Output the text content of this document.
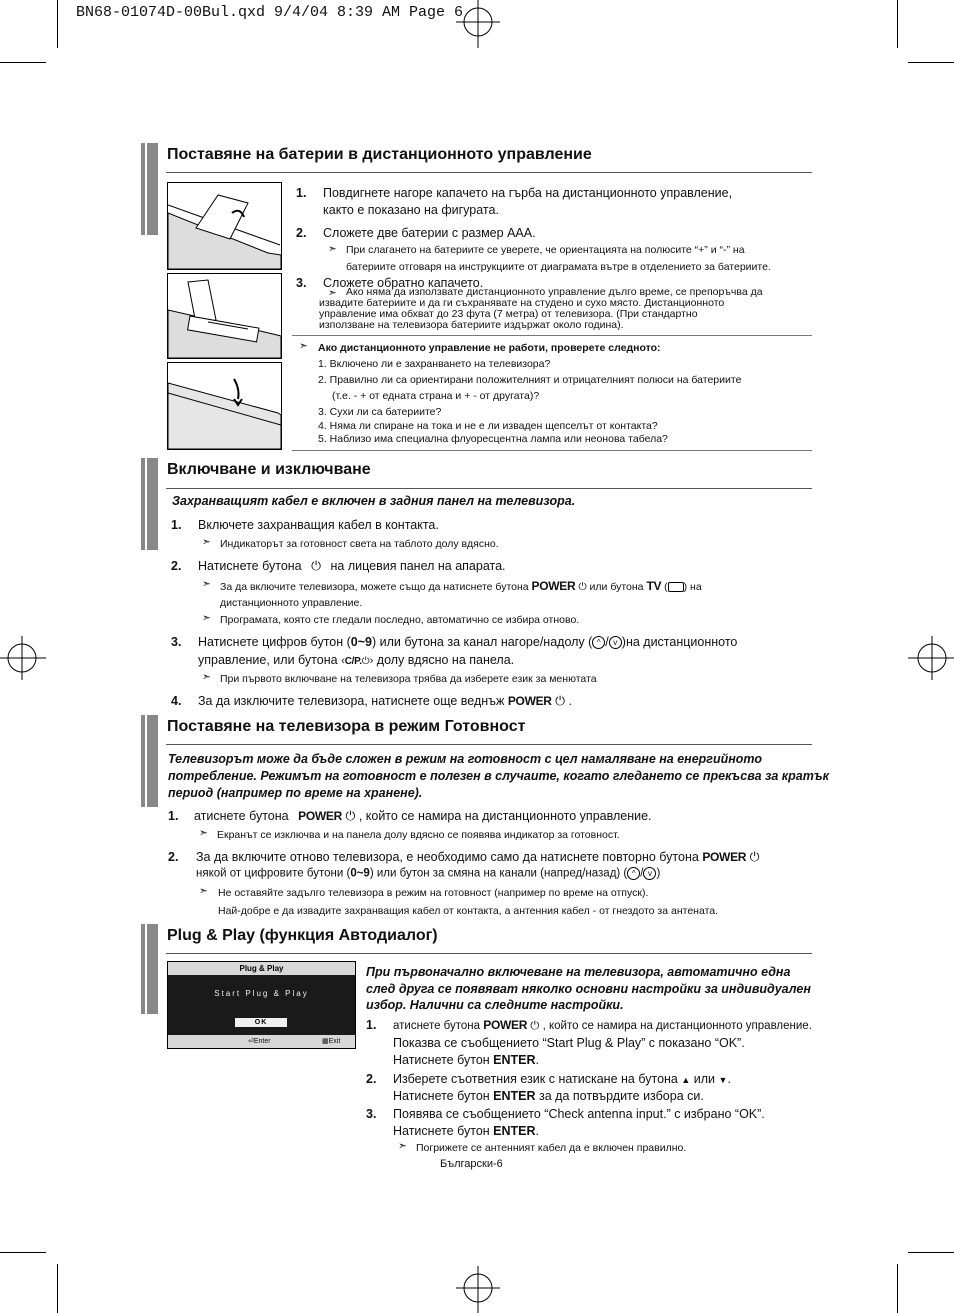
BN68-01074D-00Bul.qxd 9/4/04 8:39 AM Page 6
Поставяне на батерии в дистанционното управление
1. Повдигнете нагоре капачето на гърба на дистанционното управление,
както е показано на фигурата.
2. Сложете две батерии с размер AAA.
➣ При слагането на батериите се уверете, че ориентацията на полюсите “+” и “-” на
батериите отговаря на инструкциите от диаграмата вътре в отделението за батериите.
3. Сложете обратно капачето.
➣ Ако няма да използвате дистанционното управление дълго време, се препоръчва да
извадите батериите и да ги съхранявате на студено и сухо място. Дистанционното
управление има обхват до 23 фута (7 метра) от телевизора. (При стандартно
използване на телевизора батериите издържат около година).
➣ Ако дистанционното управление не работи, проверете следното:
1. Включено ли е захранването на телевизора?
2. Правилно ли са ориентирани положителният и отрицателният полюси на батериите
(т.е. - + от едната страна и + - от другата)?
3. Сухи ли са батериите?
4. Няма ли спиране на тока и не е ли изваден щепселът от контакта?
5. Наблизо има специална флуоресцентна лампа или неонова табела?
Включване и изключване
Захранващият кабел е включен в задния панел на телевизора.
1. Включете захранващия кабел в контакта.
➣ Индикаторът за готовност света на таблото долу вдясно.
2. Натиснете бутона ⏻ на лицевия панел на апарата.
➣ За да включите телевизора, можете също да натиснете бутона POWER ⏻ или бутона TV ( ) на
дистанционното управление.
➣ Програмата, която сте гледали последно, автоматично се избира отново.
3. Натиснете цифров бутон (0~9) или бутона за канал нагоре/надолу ( ^ / v )на дистанционното
управление, или бутона ‹C/P.⏻› долу вдясно на панела.
➣ При първото включване на телевизора трябва да изберете език за менютата
4. За да изключите телевизора, натиснете още веднъж POWER ⏻ .
Поставяне на телевизора в режим Готовност
Телевизорът може да бъде сложен в режим на готовност с цел намаляване на енергийното
потребление. Режимът на готовност е полезен в случаите, когато гледането се прекъсва за кратък
период (например по време на хранене).
1. атиснете бутона POWER ⏻ , който се намира на дистанционното управление.
➣ Екранът се изключва и на панела долу вдясно се появява индикатор за готовност.
2. За да включите отново телевизора, е необходимо само да натиснете повторно бутона POWER ⏻
някой от цифровите бутони (0~9) или бутон за смяна на канали (напред/назад) ( ^ / v )
➣ Не оставяйте задълго телевизора в режим на готовност (например по време на отпуск).
Най-добре е да извадите захранващия кабел от контакта, а антенния кабел - от гнездото за антената.
Plug & Play (функция Автодиалог)
Plug & Play
Start Plug & Play
OK
⏎Enter	▦Exit
При първоначално включеване на телевизора, автоматично една
след друга се появяват няколко основни настройки за индивидуален
избор. Налични са следните настройки.
1. атиснете бутона POWER ⏻ , който се намира на дистанционното управление.
Показва се съобщението “Start Plug & Play” с показано “OK”.
Натиснете бутон ENTER.
2. Изберете съответния език с натискане на бутона ▲ или ▼.
Натиснете бутон ENTER за да потвърдите избора си.
3. Появява се съобщението “Check antenna input.” с избрано “OK”.
Натиснете бутон ENTER.
➣ Погрижете се антенният кабел да е включен правилно.
Български-6
